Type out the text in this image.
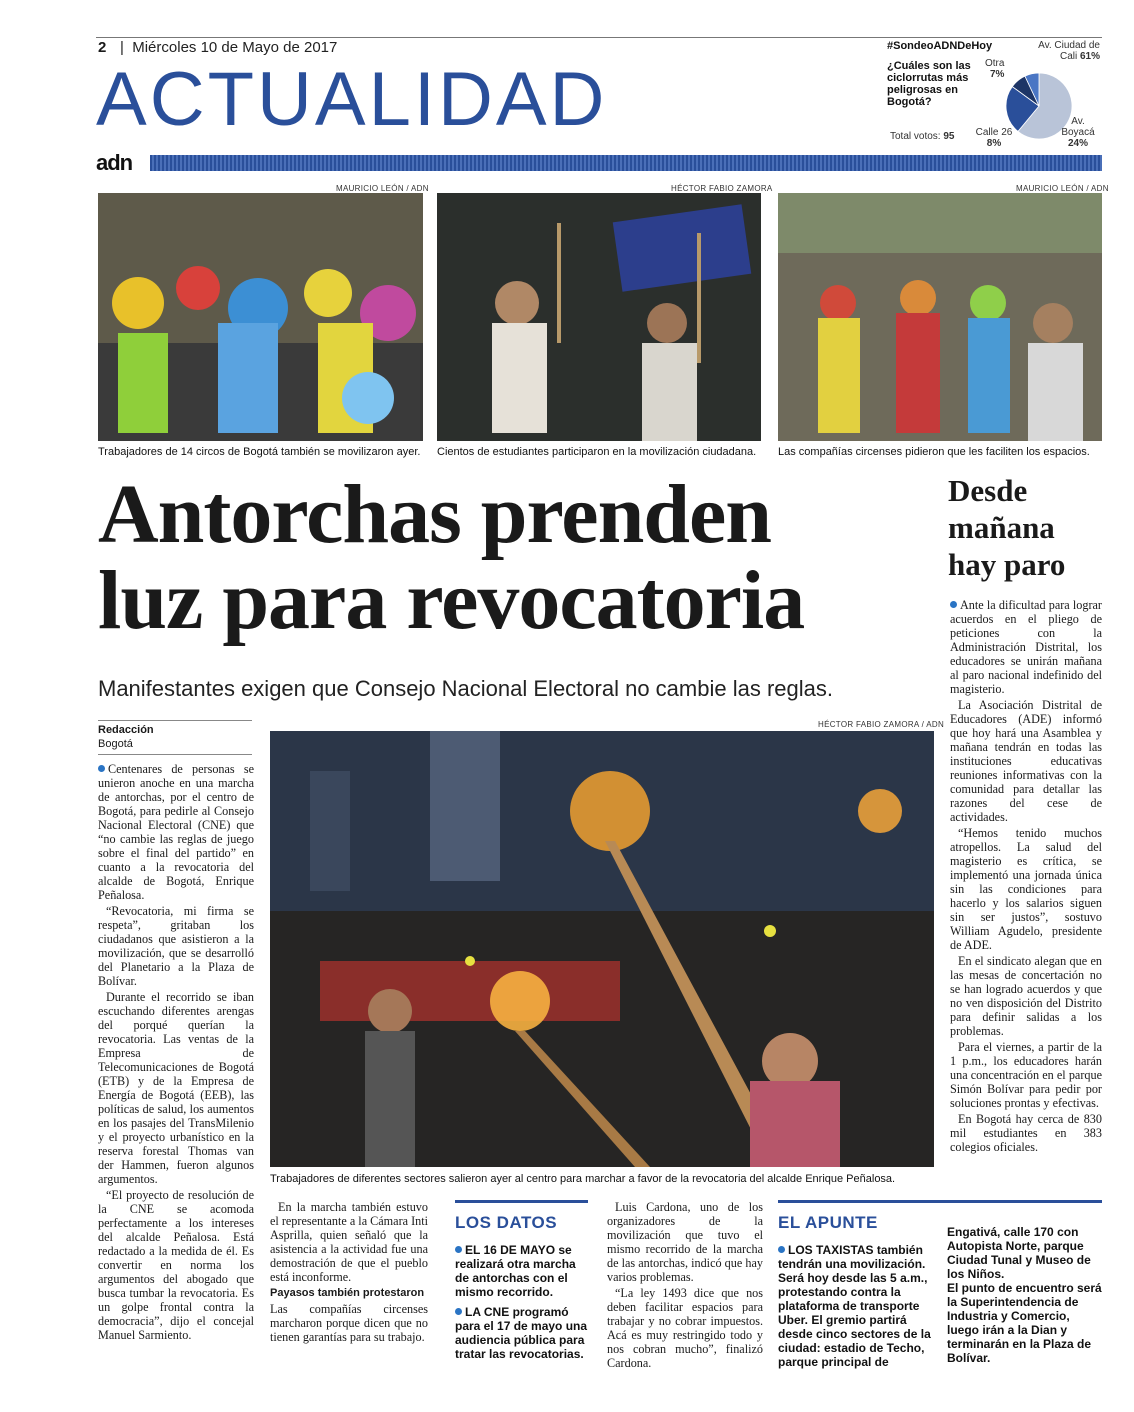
2 |  Miércoles 10 de Mayo de 2017
ACTUALIDAD
adn
#SondeoADNDeHoy
¿Cuáles son las ciclorrutas más peligrosas en Bogotá?
Total votos: 95
Av. Ciudad de Cali 61%
Otra
7%
Calle 26
8%
Av. Boyacá
24%
MAURICIO LEÓN / ADN
Trabajadores de 14 circos de Bogotá también se movilizaron ayer.
HÉCTOR FABIO ZAMORA
Cientos de estudiantes participaron en la movilización ciudadana.
MAURICIO LEÓN / ADN
Las compañías circenses pidieron que les faciliten los espacios.
Antorchas prenden
luz para revocatoria
Manifestantes exigen que Consejo Nacional Electoral no cambie las reglas.
Redacción
Bogotá

Centenares de personas se unieron anoche en una marcha de antorchas, por el centro de Bogotá, para pedirle al Consejo Nacional Electoral (CNE) que “no cambie las reglas de juego sobre el final del partido” en cuanto a la revocatoria del alcalde de Bogotá, Enrique Peñalosa.

“Revocatoria, mi firma se respeta”, gritaban los ciudadanos que asistieron a la movilización, que se desarrolló del Planetario a la Plaza de Bolívar.

Durante el recorrido se iban escuchando diferentes arengas del porqué querían la revocatoria. Las ventas de la Empresa de Telecomunicaciones de Bogotá (ETB) y de la Empresa de Energía de Bogotá (EEB), las políticas de salud, los aumentos en los pasajes del TransMilenio y el proyecto urbanístico en la reserva forestal Thomas van der Hammen, fueron algunos argumentos.

“El proyecto de resolución de la CNE se acomoda perfectamente a los intereses del alcalde Peñalosa. Está redactado a la medida de él. Es convertir en norma los argumentos del abogado que busca tumbar la revocatoria. Es un golpe frontal contra la democracia”, dijo el concejal Manuel Sarmiento.

HÉCTOR FABIO ZAMORA / ADN
Trabajadores de diferentes sectores salieron ayer al centro para marchar a favor de la revocatoria del alcalde Enrique Peñalosa.

En la marcha también estuvo el representante a la Cámara Inti Asprilla, quien señaló que la asistencia a la actividad fue una demostración de que el pueblo está inconforme.

Payasos también protestaron

Las compañías circenses marcharon porque dicen que no tienen garantías para su trabajo.

LOS DATOS
EL 16 DE MAYO se realizará otra marcha de antorchas con el mismo recorrido.
LA CNE programó para el 17 de mayo una audiencia pública para tratar las revocatorias.

Luis Cardona, uno de los organizadores de la movilización que tuvo el mismo recorrido de la marcha de las antorchas, indicó que hay varios problemas.

“La ley 1493 dice que nos deben facilitar espacios para trabajar y no cobrar impuestos. Acá es muy restringido todo y nos cobran mucho”, finalizó Cardona.

EL APUNTE
LOS TAXISTAS también tendrán una movilización. Será hoy desde las 5 a.m., protestando contra la plataforma de transporte Uber. El gremio partirá desde cinco sectores de la ciudad: estadio de Techo, parque principal de
Engativá, calle 170 con Autopista Norte, parque Ciudad Tunal y Museo de los Niños.
El punto de encuentro será la Superintendencia de Industria y Comercio, luego irán a la Dian y terminarán en la Plaza de Bolívar.
Desde mañana hay paro

Ante la dificultad para lograr acuerdos en el pliego de peticiones con la Administración Distrital, los educadores se unirán mañana al paro nacional indefinido del magisterio.

La Asociación Distrital de Educadores (ADE) informó que hoy hará una Asamblea y mañana tendrán en todas las instituciones educativas reuniones informativas con la comunidad para detallar las razones del cese de actividades.

“Hemos tenido muchos atropellos. La salud del magisterio es crítica, se implementó una jornada única sin las condiciones para hacerlo y los salarios siguen sin ser justos”, sostuvo William Agudelo, presidente de ADE.

En el sindicato alegan que en las mesas de concertación no se han logrado acuerdos y que no ven disposición del Distrito para definir salidas a los problemas.

Para el viernes, a partir de la 1 p.m., los educadores harán una concentración en el parque Simón Bolívar para pedir por soluciones prontas y efectivas.

En Bogotá hay cerca de 830 mil estudiantes en 383 colegios oficiales.
